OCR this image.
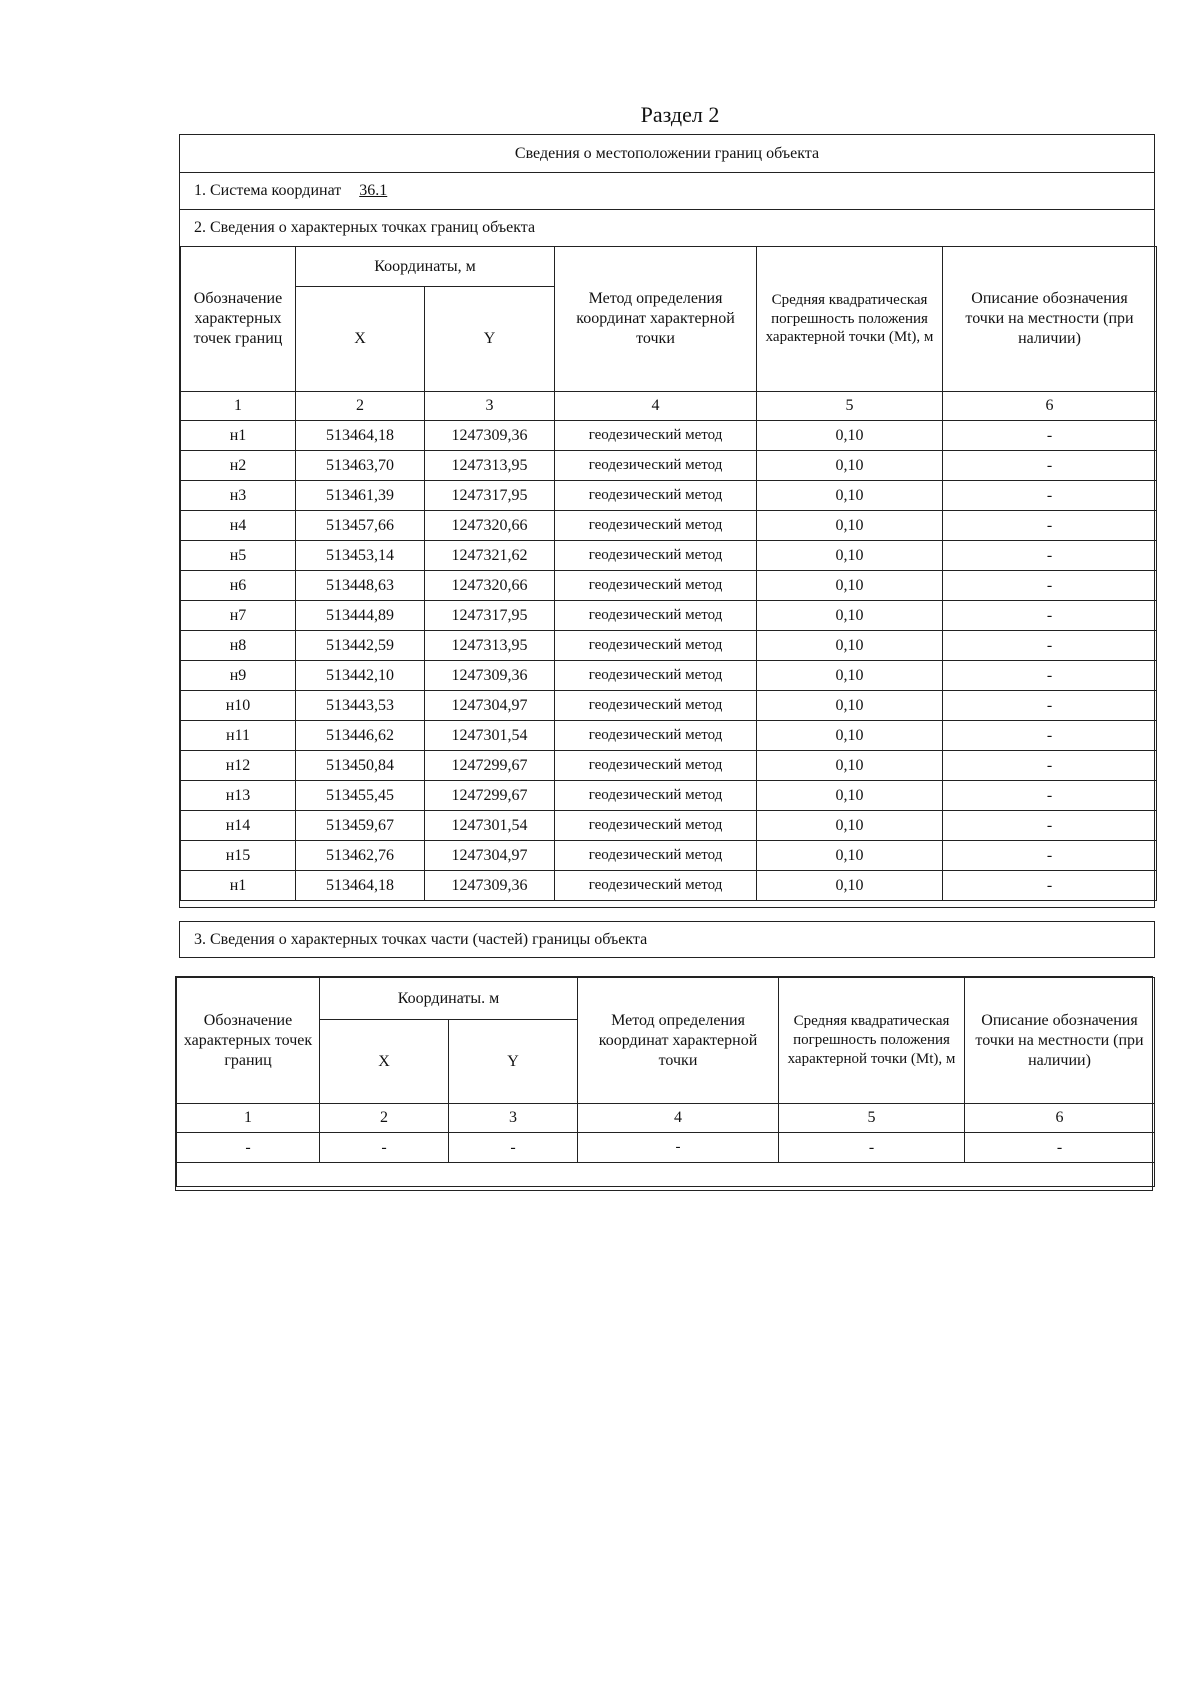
Раздел 2
Сведения о местоположении границ объекта
1. Система координат 36.1
2. Сведения о характерных точках границ объекта
Обозначение характерных точек границ	Координаты, м		Метод определения координат характерной точки	Средняя квадратическая погрешность положения характерной точки (Mt), м	Описание обозначения точки на местности (при наличии)
	X	Y			
1	2	3	4	5	6
н1	513464,18	1247309,36	геодезический метод	0,10	-
н2	513463,70	1247313,95	геодезический метод	0,10	-
н3	513461,39	1247317,95	геодезический метод	0,10	-
н4	513457,66	1247320,66	геодезический метод	0,10	-
н5	513453,14	1247321,62	геодезический метод	0,10	-
н6	513448,63	1247320,66	геодезический метод	0,10	-
н7	513444,89	1247317,95	геодезический метод	0,10	-
н8	513442,59	1247313,95	геодезический метод	0,10	-
н9	513442,10	1247309,36	геодезический метод	0,10	-
н10	513443,53	1247304,97	геодезический метод	0,10	-
н11	513446,62	1247301,54	геодезический метод	0,10	-
н12	513450,84	1247299,67	геодезический метод	0,10	-
н13	513455,45	1247299,67	геодезический метод	0,10	-
н14	513459,67	1247301,54	геодезический метод	0,10	-
н15	513462,76	1247304,97	геодезический метод	0,10	-
н1	513464,18	1247309,36	геодезический метод	0,10	-
3. Сведения о характерных точках части (частей) границы объекта
Обозначение характерных точек границ	Координаты. м		Метод определения координат характерной точки	Средняя квадратическая погрешность положения характерной точки (Mt), м	Описание обозначения точки на местности (при наличии)
	X	Y			
1	2	3	4	5	6
-	-	-	-	-	-
